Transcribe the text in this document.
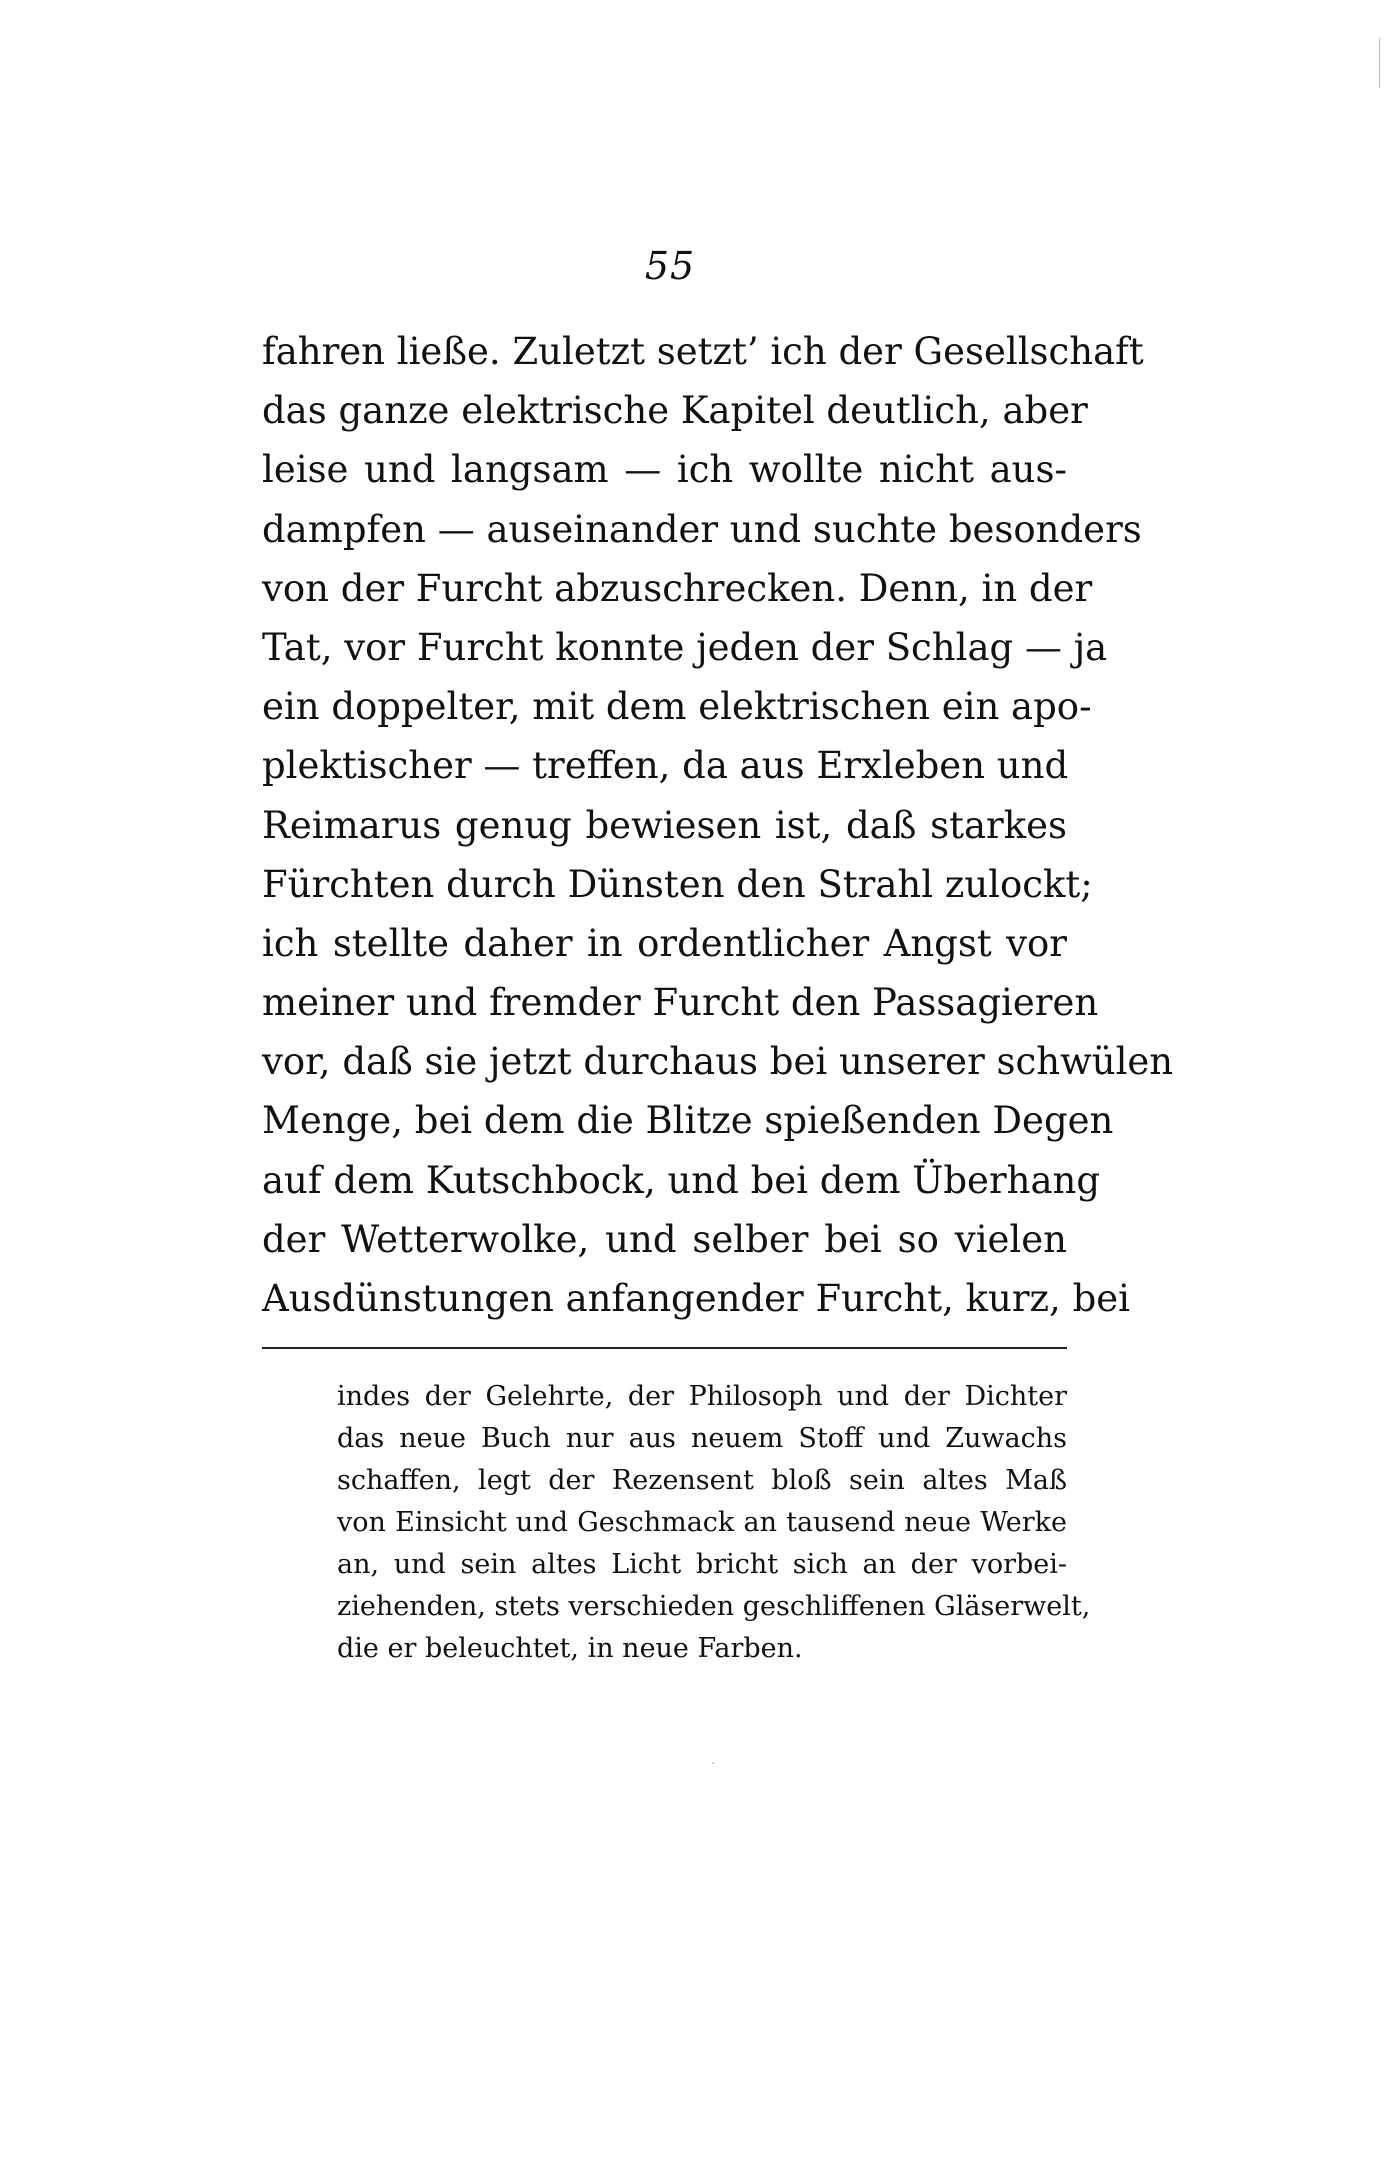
55
fahren ließe. Zuletzt setzt’ ich der Gesellschaft
das ganze elektrische Kapitel deutlich, aber
leise und langsam — ich wollte nicht aus-
dampfen — auseinander und suchte besonders
von der Furcht abzuschrecken. Denn, in der
Tat, vor Furcht konnte jeden der Schlag — ja
ein doppelter, mit dem elektrischen ein apo-
plektischer — treffen, da aus Erxleben und
Reimarus genug bewiesen ist, daß starkes
Fürchten durch Dünsten den Strahl zulockt;
ich stellte daher in ordentlicher Angst vor
meiner und fremder Furcht den Passagieren
vor, daß sie jetzt durchaus bei unserer schwülen
Menge, bei dem die Blitze spießenden Degen
auf dem Kutschbock, und bei dem Überhang
der Wetterwolke, und selber bei so vielen
Ausdünstungen anfangender Furcht, kurz, bei
indes der Gelehrte, der Philosoph und der Dichter
das neue Buch nur aus neuem Stoff und Zuwachs
schaffen, legt der Rezensent bloß sein altes Maß
von Einsicht und Geschmack an tausend neue Werke
an, und sein altes Licht bricht sich an der vorbei-
ziehenden, stets verschieden geschliffenen Gläserwelt,
die er beleuchtet, in neue Farben.
